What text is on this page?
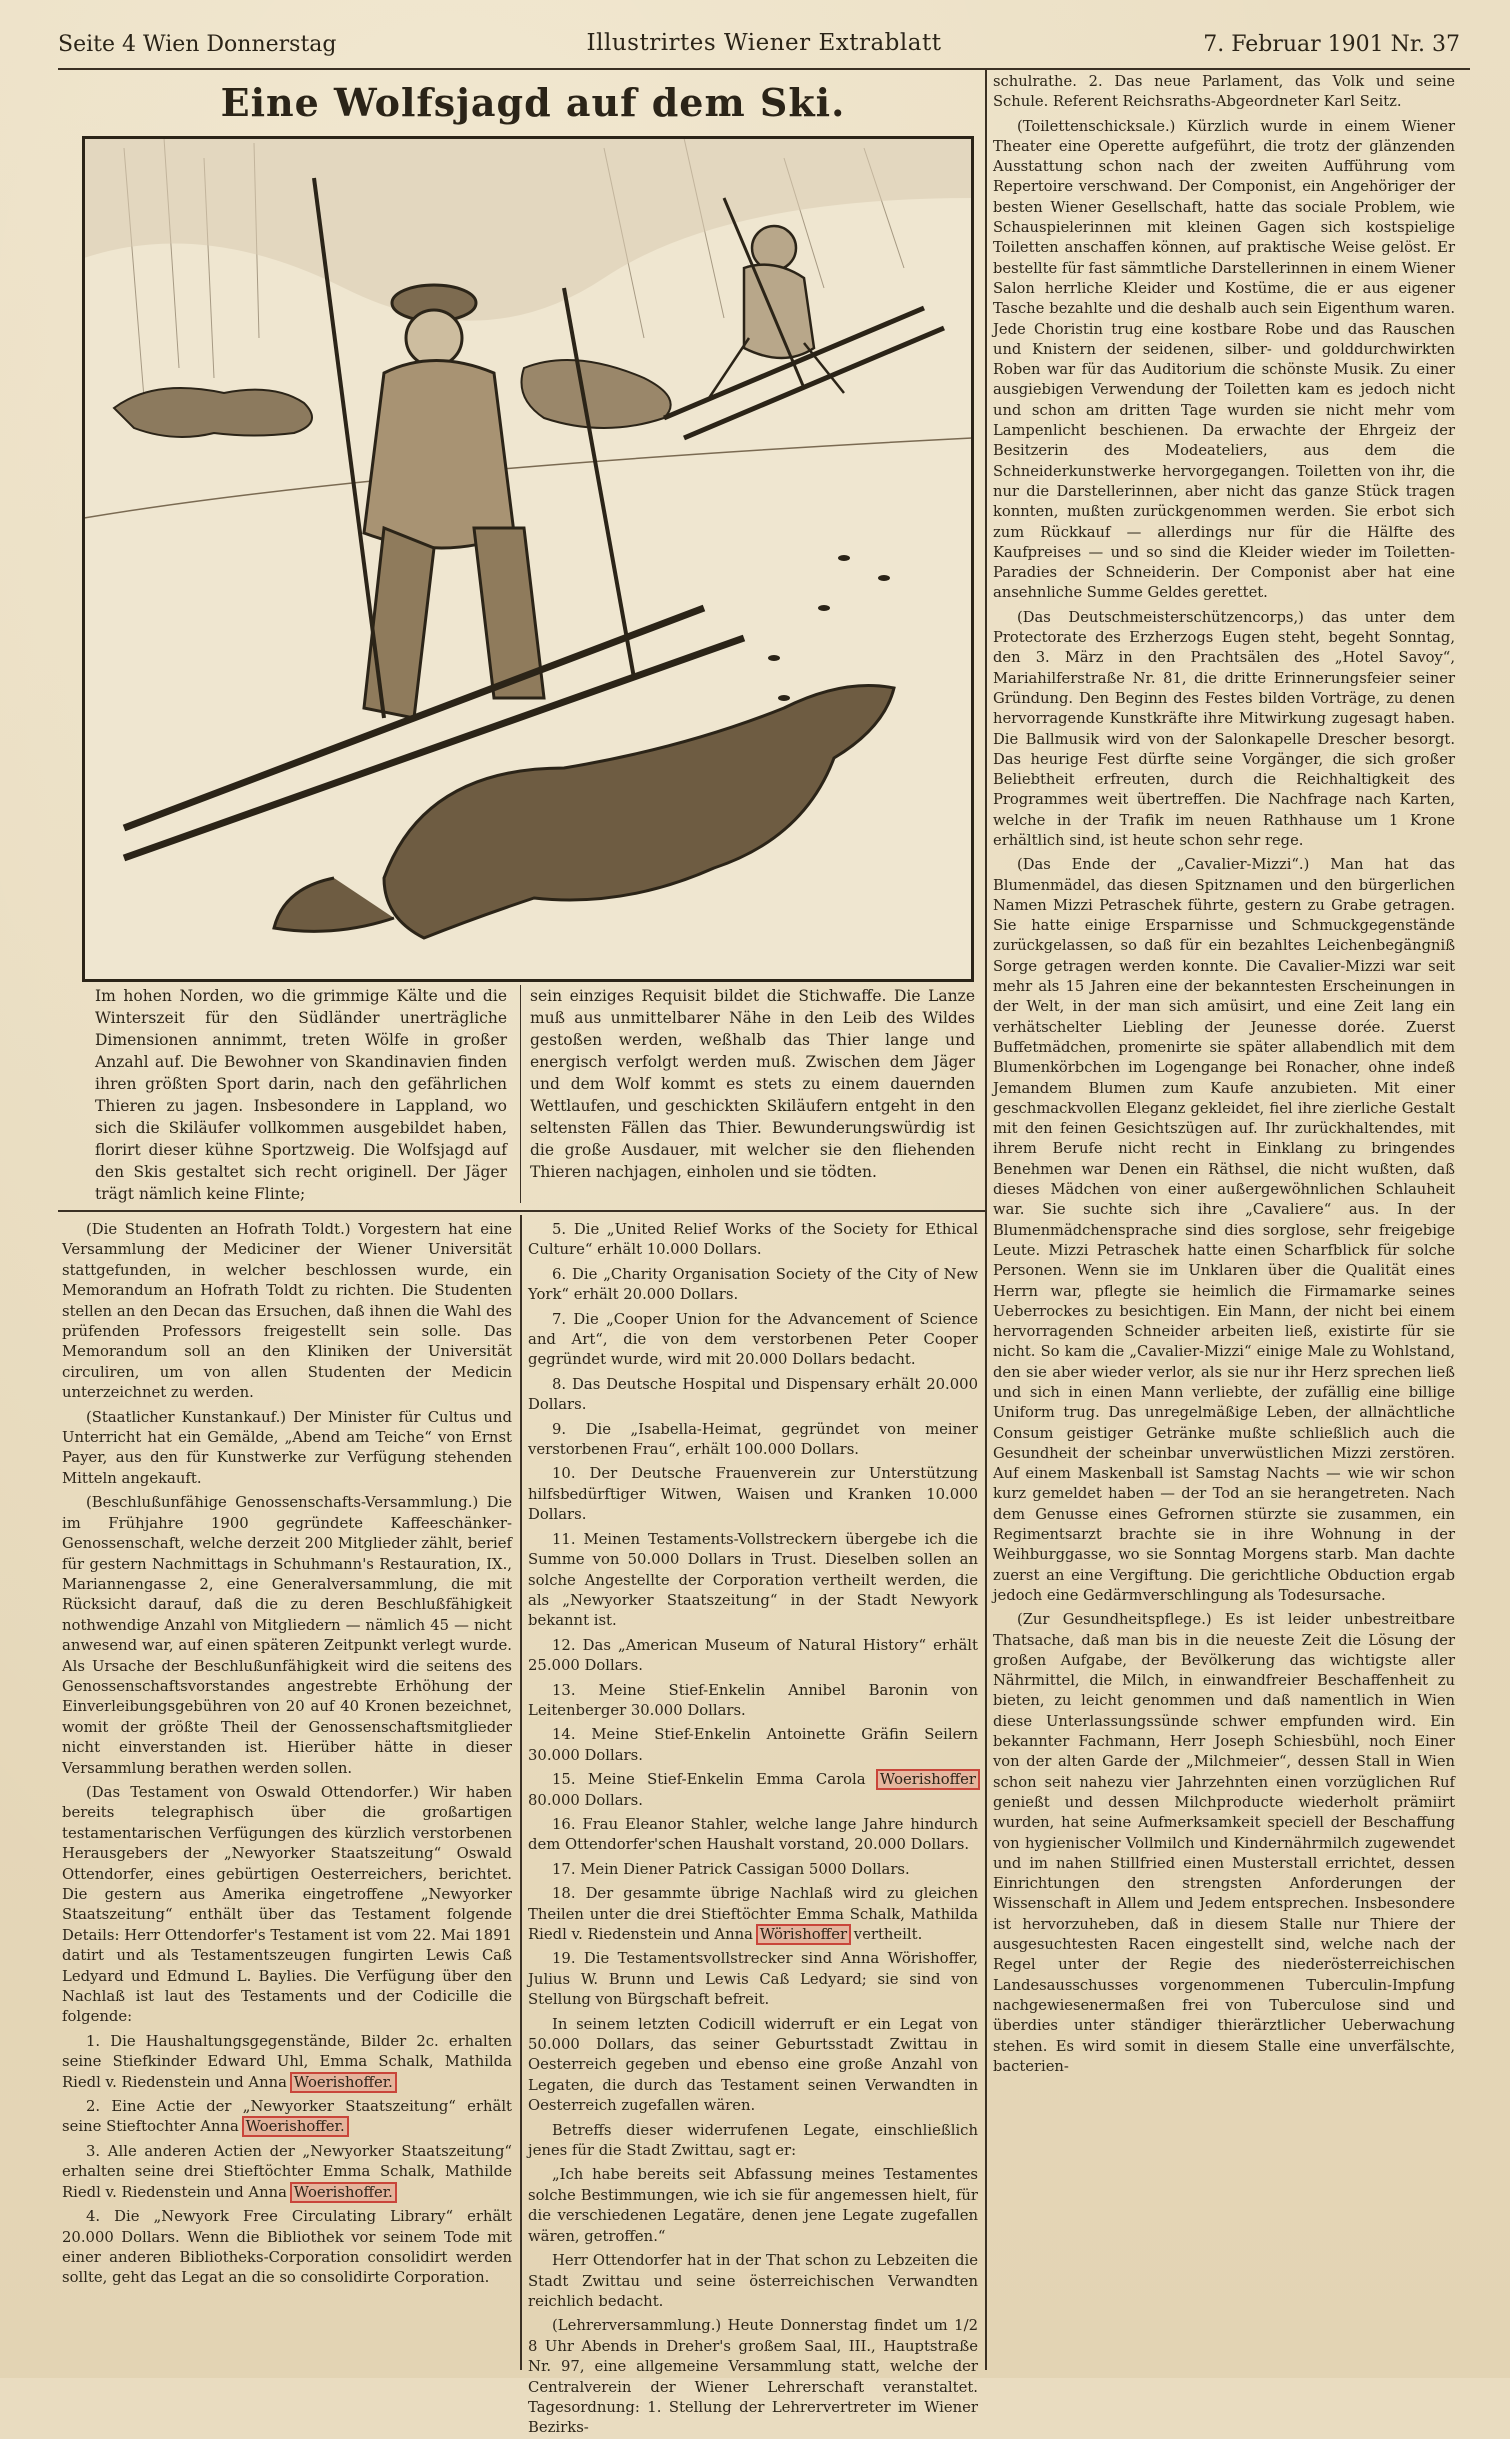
Seite 4 Wien Donnerstag	Illustrirtes Wiener Extrablatt	7. Februar 1901 Nr. 37
Eine Wolfsjagd auf dem Ski.
Im hohen Norden, wo die grimmige Kälte und die Winterszeit für den Südländer unerträgliche Dimensionen annimmt, treten Wölfe in großer Anzahl auf. Die Bewohner von Skandinavien finden ihren größten Sport darin, nach den gefährlichen Thieren zu jagen. Insbesondere in Lappland, wo sich die Skiläufer vollkommen ausgebildet haben, florirt dieser kühne Sportzweig. Die Wolfsjagd auf den Skis gestaltet sich recht originell. Der Jäger trägt nämlich keine Flinte;
sein einziges Requisit bildet die Stichwaffe. Die Lanze muß aus unmittelbarer Nähe in den Leib des Wildes gestoßen werden, weßhalb das Thier lange und energisch verfolgt werden muß. Zwischen dem Jäger und dem Wolf kommt es stets zu einem dauernden Wettlaufen, und geschickten Skiläufern entgeht in den seltensten Fällen das Thier. Bewunderungswürdig ist die große Ausdauer, mit welcher sie den fliehenden Thieren nachjagen, einholen und sie tödten.

schulrathe. 2. Das neue Parlament, das Volk und seine Schule. Referent Reichsraths-Abgeordneter Karl Seitz.

(Toilettenschicksale.) Kürzlich wurde in einem Wiener Theater eine Operette aufgeführt, die trotz der glänzenden Ausstattung schon nach der zweiten Aufführung vom Repertoire verschwand. Der Componist, ein Angehöriger der besten Wiener Gesellschaft, hatte das sociale Problem, wie Schauspielerinnen mit kleinen Gagen sich kostspielige Toiletten anschaffen können, auf praktische Weise gelöst. Er bestellte für fast sämmtliche Darstellerinnen in einem Wiener Salon herrliche Kleider und Kostüme, die er aus eigener Tasche bezahlte und die deshalb auch sein Eigenthum waren. Jede Choristin trug eine kostbare Robe und das Rauschen und Knistern der seidenen, silber- und golddurchwirkten Roben war für das Auditorium die schönste Musik. Zu einer ausgiebigen Verwendung der Toiletten kam es jedoch nicht und schon am dritten Tage wurden sie nicht mehr vom Lampenlicht beschienen. Da erwachte der Ehrgeiz der Besitzerin des Modeateliers, aus dem die Schneiderkunstwerke hervorgegangen. Toiletten von ihr, die nur die Darstellerinnen, aber nicht das ganze Stück tragen konnten, mußten zurückgenommen werden. Sie erbot sich zum Rückkauf — allerdings nur für die Hälfte des Kaufpreises — und so sind die Kleider wieder im Toiletten-Paradies der Schneiderin. Der Componist aber hat eine ansehnliche Summe Geldes gerettet.

(Das Deutschmeisterschützencorps,) das unter dem Protectorate des Erzherzogs Eugen steht, begeht Sonntag, den 3. März in den Prachtsälen des „Hotel Savoy“, Mariahilferstraße Nr. 81, die dritte Erinnerungsfeier seiner Gründung. Den Beginn des Festes bilden Vorträge, zu denen hervorragende Kunstkräfte ihre Mitwirkung zugesagt haben. Die Ballmusik wird von der Salonkapelle Drescher besorgt. Das heurige Fest dürfte seine Vorgänger, die sich großer Beliebtheit erfreuten, durch die Reichhaltigkeit des Programmes weit übertreffen. Die Nachfrage nach Karten, welche in der Trafik im neuen Rathhause um 1 Krone erhältlich sind, ist heute schon sehr rege.

(Das Ende der „Cavalier-Mizzi“.) Man hat das Blumenmädel, das diesen Spitznamen und den bürgerlichen Namen Mizzi Petraschek führte, gestern zu Grabe getragen. Sie hatte einige Ersparnisse und Schmuckgegenstände zurückgelassen, so daß für ein bezahltes Leichenbegängniß Sorge getragen werden konnte. Die Cavalier-Mizzi war seit mehr als 15 Jahren eine der bekanntesten Erscheinungen in der Welt, in der man sich amüsirt, und eine Zeit lang ein verhätschelter Liebling der Jeunesse dorée. Zuerst Buffetmädchen, promenirte sie später allabendlich mit dem Blumenkörbchen im Logengange bei Ronacher, ohne indeß Jemandem Blumen zum Kaufe anzubieten. Mit einer geschmackvollen Eleganz gekleidet, fiel ihre zierliche Gestalt mit den feinen Gesichtszügen auf. Ihr zurückhaltendes, mit ihrem Berufe nicht recht in Einklang zu bringendes Benehmen war Denen ein Räthsel, die nicht wußten, daß dieses Mädchen von einer außergewöhnlichen Schlauheit war. Sie suchte sich ihre „Cavaliere“ aus. In der Blumenmädchensprache sind dies sorglose, sehr freigebige Leute. Mizzi Petraschek hatte einen Scharfblick für solche Personen. Wenn sie im Unklaren über die Qualität eines Herrn war, pflegte sie heimlich die Firmamarke seines Ueberrockes zu besichtigen. Ein Mann, der nicht bei einem hervorragenden Schneider arbeiten ließ, existirte für sie nicht. So kam die „Cavalier-Mizzi“ einige Male zu Wohlstand, den sie aber wieder verlor, als sie nur ihr Herz sprechen ließ und sich in einen Mann verliebte, der zufällig eine billige Uniform trug. Das unregelmäßige Leben, der allnächtliche Consum geistiger Getränke mußte schließlich auch die Gesundheit der scheinbar unverwüstlichen Mizzi zerstören. Auf einem Maskenball ist Samstag Nachts — wie wir schon kurz gemeldet haben — der Tod an sie herangetreten. Nach dem Genusse eines Gefrornen stürzte sie zusammen, ein Regimentsarzt brachte sie in ihre Wohnung in der Weihburggasse, wo sie Sonntag Morgens starb. Man dachte zuerst an eine Vergiftung. Die gerichtliche Obduction ergab jedoch eine Gedärmverschlingung als Todesursache.

(Zur Gesundheitspflege.) Es ist leider unbestreitbare Thatsache, daß man bis in die neueste Zeit die Lösung der großen Aufgabe, der Bevölkerung das wichtigste aller Nährmittel, die Milch, in einwandfreier Beschaffenheit zu bieten, zu leicht genommen und daß namentlich in Wien diese Unterlassungssünde schwer empfunden wird. Ein bekannter Fachmann, Herr Joseph Schiesbühl, noch Einer von der alten Garde der „Milchmeier“, dessen Stall in Wien schon seit nahezu vier Jahrzehnten einen vorzüglichen Ruf genießt und dessen Milchproducte wiederholt prämiirt wurden, hat seine Aufmerksamkeit speciell der Beschaffung von hygienischer Vollmilch und Kindernährmilch zugewendet und im nahen Stillfried einen Musterstall errichtet, dessen Einrichtungen den strengsten Anforderungen der Wissenschaft in Allem und Jedem entsprechen. Insbesondere ist hervorzuheben, daß in diesem Stalle nur Thiere der ausgesuchtesten Racen eingestellt sind, welche nach der Regel unter der Regie des niederösterreichischen Landesausschusses vorgenommenen Tuberculin-Impfung nachgewiesenermaßen frei von Tuberculose sind und überdies unter ständiger thierärztlicher Ueberwachung stehen. Es wird somit in diesem Stalle eine unverfälschte, bacterien-

(Die Studenten an Hofrath Toldt.) Vorgestern hat eine Versammlung der Mediciner der Wiener Universität stattgefunden, in welcher beschlossen wurde, ein Memorandum an Hofrath Toldt zu richten. Die Studenten stellen an den Decan das Ersuchen, daß ihnen die Wahl des prüfenden Professors freigestellt sein solle. Das Memorandum soll an den Kliniken der Universität circuliren, um von allen Studenten der Medicin unterzeichnet zu werden.

(Staatlicher Kunstankauf.) Der Minister für Cultus und Unterricht hat ein Gemälde, „Abend am Teiche“ von Ernst Payer, aus den für Kunstwerke zur Verfügung stehenden Mitteln angekauft.

(Beschlußunfähige Genossenschafts-Versammlung.) Die im Frühjahre 1900 gegründete Kaffeeschänker-Genossenschaft, welche derzeit 200 Mitglieder zählt, berief für gestern Nachmittags in Schuhmann's Restauration, IX., Mariannengasse 2, eine Generalversammlung, die mit Rücksicht darauf, daß die zu deren Beschlußfähigkeit nothwendige Anzahl von Mitgliedern — nämlich 45 — nicht anwesend war, auf einen späteren Zeitpunkt verlegt wurde. Als Ursache der Beschlußunfähigkeit wird die seitens des Genossenschaftsvorstandes angestrebte Erhöhung der Einverleibungsgebühren von 20 auf 40 Kronen bezeichnet, womit der größte Theil der Genossenschaftsmitglieder nicht einverstanden ist. Hierüber hätte in dieser Versammlung berathen werden sollen.

(Das Testament von Oswald Ottendorfer.) Wir haben bereits telegraphisch über die großartigen testamentarischen Verfügungen des kürzlich verstorbenen Herausgebers der „Newyorker Staatszeitung“ Oswald Ottendorfer, eines gebürtigen Oesterreichers, berichtet. Die gestern aus Amerika eingetroffene „Newyorker Staatszeitung“ enthält über das Testament folgende Details: Herr Ottendorfer's Testament ist vom 22. Mai 1891 datirt und als Testamentszeugen fungirten Lewis Caß Ledyard und Edmund L. Baylies. Die Verfügung über den Nachlaß ist laut des Testaments und der Codicille die folgende:

1. Die Haushaltungsgegenstände, Bilder 2c. erhalten seine Stiefkinder Edward Uhl, Emma Schalk, Mathilda Riedl v. Riedenstein und Anna Woerishoffer.

2. Eine Actie der „Newyorker Staatszeitung“ erhält seine Stieftochter Anna Woerishoffer.

3. Alle anderen Actien der „Newyorker Staatszeitung“ erhalten seine drei Stieftöchter Emma Schalk, Mathilde Riedl v. Riedenstein und Anna Woerishoffer.

4. Die „Newyork Free Circulating Library“ erhält 20.000 Dollars. Wenn die Bibliothek vor seinem Tode mit einer anderen Bibliotheks-Corporation consolidirt werden sollte, geht das Legat an die so consolidirte Corporation.

5. Die „United Relief Works of the Society for Ethical Culture“ erhält 10.000 Dollars.

6. Die „Charity Organisation Society of the City of New York“ erhält 20.000 Dollars.

7. Die „Cooper Union for the Advancement of Science and Art“, die von dem verstorbenen Peter Cooper gegründet wurde, wird mit 20.000 Dollars bedacht.

8. Das Deutsche Hospital und Dispensary erhält 20.000 Dollars.

9. Die „Isabella-Heimat, gegründet von meiner verstorbenen Frau“, erhält 100.000 Dollars.

10. Der Deutsche Frauenverein zur Unterstützung hilfsbedürftiger Witwen, Waisen und Kranken 10.000 Dollars.

11. Meinen Testaments-Vollstreckern übergebe ich die Summe von 50.000 Dollars in Trust. Dieselben sollen an solche Angestellte der Corporation vertheilt werden, die als „Newyorker Staatszeitung“ in der Stadt Newyork bekannt ist.

12. Das „American Museum of Natural History“ erhält 25.000 Dollars.

13. Meine Stief-Enkelin Annibel Baronin von Leitenberger 30.000 Dollars.

14. Meine Stief-Enkelin Antoinette Gräfin Seilern 30.000 Dollars.

15. Meine Stief-Enkelin Emma Carola Woerishoffer 80.000 Dollars.

16. Frau Eleanor Stahler, welche lange Jahre hindurch dem Ottendorfer'schen Haushalt vorstand, 20.000 Dollars.

17. Mein Diener Patrick Cassigan 5000 Dollars.

18. Der gesammte übrige Nachlaß wird zu gleichen Theilen unter die drei Stieftöchter Emma Schalk, Mathilda Riedl v. Riedenstein und Anna Wörishoffer vertheilt.

19. Die Testamentsvollstrecker sind Anna Wörishoffer, Julius W. Brunn und Lewis Caß Ledyard; sie sind von Stellung von Bürgschaft befreit.

In seinem letzten Codicill widerruft er ein Legat von 50.000 Dollars, das seiner Geburtsstadt Zwittau in Oesterreich gegeben und ebenso eine große Anzahl von Legaten, die durch das Testament seinen Verwandten in Oesterreich zugefallen wären.

Betreffs dieser widerrufenen Legate, einschließlich jenes für die Stadt Zwittau, sagt er:

„Ich habe bereits seit Abfassung meines Testamentes solche Bestimmungen, wie ich sie für angemessen hielt, für die verschiedenen Legatäre, denen jene Legate zugefallen wären, getroffen.“

Herr Ottendorfer hat in der That schon zu Lebzeiten die Stadt Zwittau und seine österreichischen Verwandten reichlich bedacht.

(Lehrerversammlung.) Heute Donnerstag findet um 1/2 8 Uhr Abends in Dreher's großem Saal, III., Hauptstraße Nr. 97, eine allgemeine Versammlung statt, welche der Centralverein der Wiener Lehrerschaft veranstaltet. Tagesordnung: 1. Stellung der Lehrervertreter im Wiener Bezirks-
